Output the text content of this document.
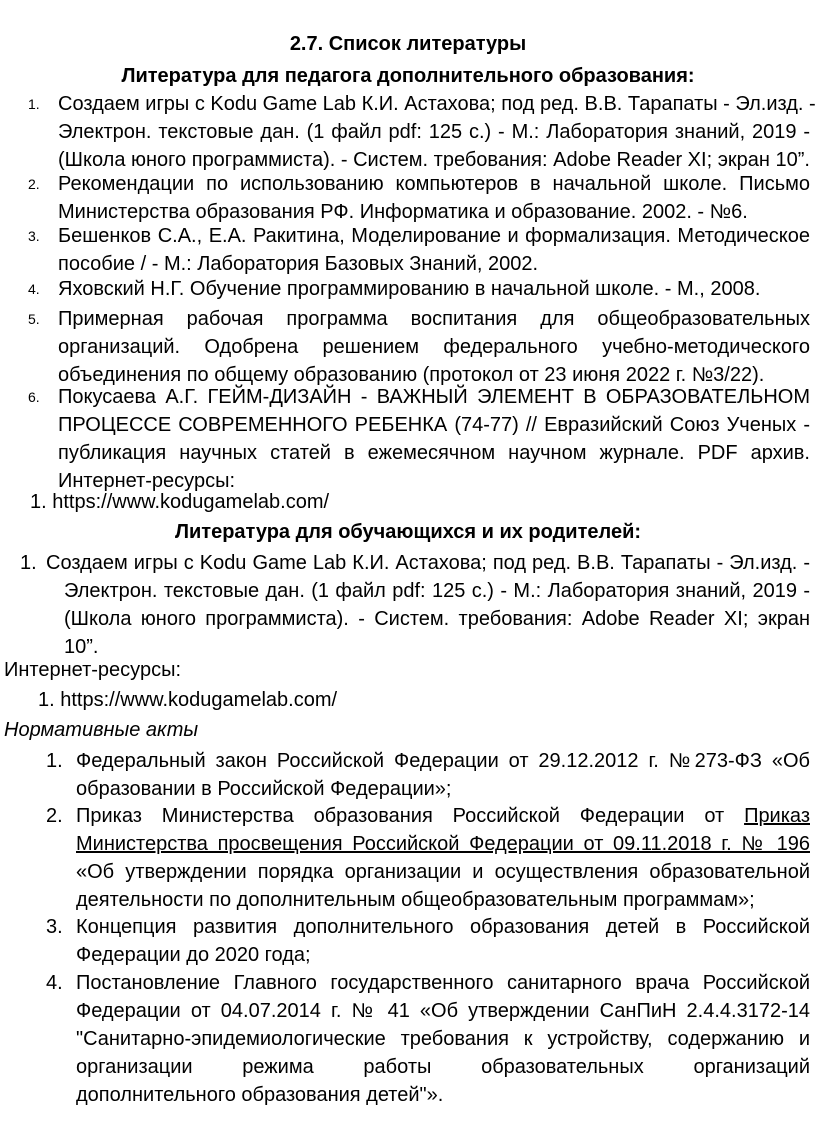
2.7. Список литературы
Литература для педагога дополнительного образования:
1. Создаем игры с Kodu Game Lab К.И. Астахова; под ред. В.В. Тарапаты - Эл.изд. -
Электрон. текстовые дан. (1 файл pdf: 125 с.) - М.: Лаборатория знаний, 2019 -
(Школа юного программиста). - Систем. требования: Adobe Reader XI; экран 10”.
2. Рекомендации по использованию компьютеров в начальной школе. Письмо
Министерства образования РФ. Информатика и образование. 2002. - №6.
3. Бешенков С.А., Е.А. Ракитина, Моделирование и формализация. Методическое
пособие / - М.: Лаборатория Базовых Знаний, 2002.
4. Яховский Н.Г. Обучение программированию в начальной школе. - М., 2008.
5. Примерная рабочая программа воспитания для общеобразовательных
организаций. Одобрена решением федерального учебно-методического
объединения по общему образованию (протокол от 23 июня 2022 г. №3/22).
6. Покусаева А.Г. ГЕЙМ-ДИЗАЙН - ВАЖНЫЙ ЭЛЕМЕНТ В ОБРАЗОВАТЕЛЬНОМ
ПРОЦЕССЕ СОВРЕМЕННОГО РЕБЕНКА (74-77) // Евразийский Союз Ученых -
публикация научных статей в ежемесячном научном журнале. PDF архив.
Интернет-ресурсы:
1. https://www.kodugamelab.com/
Литература для обучающихся и их родителей:
1. Создаем игры с Kodu Game Lab К.И. Астахова; под ред. В.В. Тарапаты - Эл.изд. -
Электрон. текстовые дан. (1 файл pdf: 125 с.) - М.: Лаборатория знаний, 2019 -
(Школа юного программиста). - Систем. требования: Adobe Reader XI; экран
10”.
Интернет-ресурсы:
1. https://www.kodugamelab.com/
Нормативные акты
1. Федеральный закон Российской Федерации от 29.12.2012 г. №273-ФЗ «Об
образовании в Российской Федерации»;
2. Приказ Министерства образования Российской Федерации от Приказ
Министерства просвещения Российской Федерации от 09.11.2018 г. № 196
«Об утверждении порядка организации и осуществления образовательной
деятельности по дополнительным общеобразовательным программам»;
3. Концепция развития дополнительного образования детей в Российской
Федерации до 2020 года;
4. Постановление Главного государственного санитарного врача Российской
Федерации от 04.07.2014 г. № 41 «Об утверждении СанПиН 2.4.4.3172-14
"Санитарно-эпидемиологические требования к устройству, содержанию и
организации режима работы образовательных организаций
дополнительного образования детей"».
